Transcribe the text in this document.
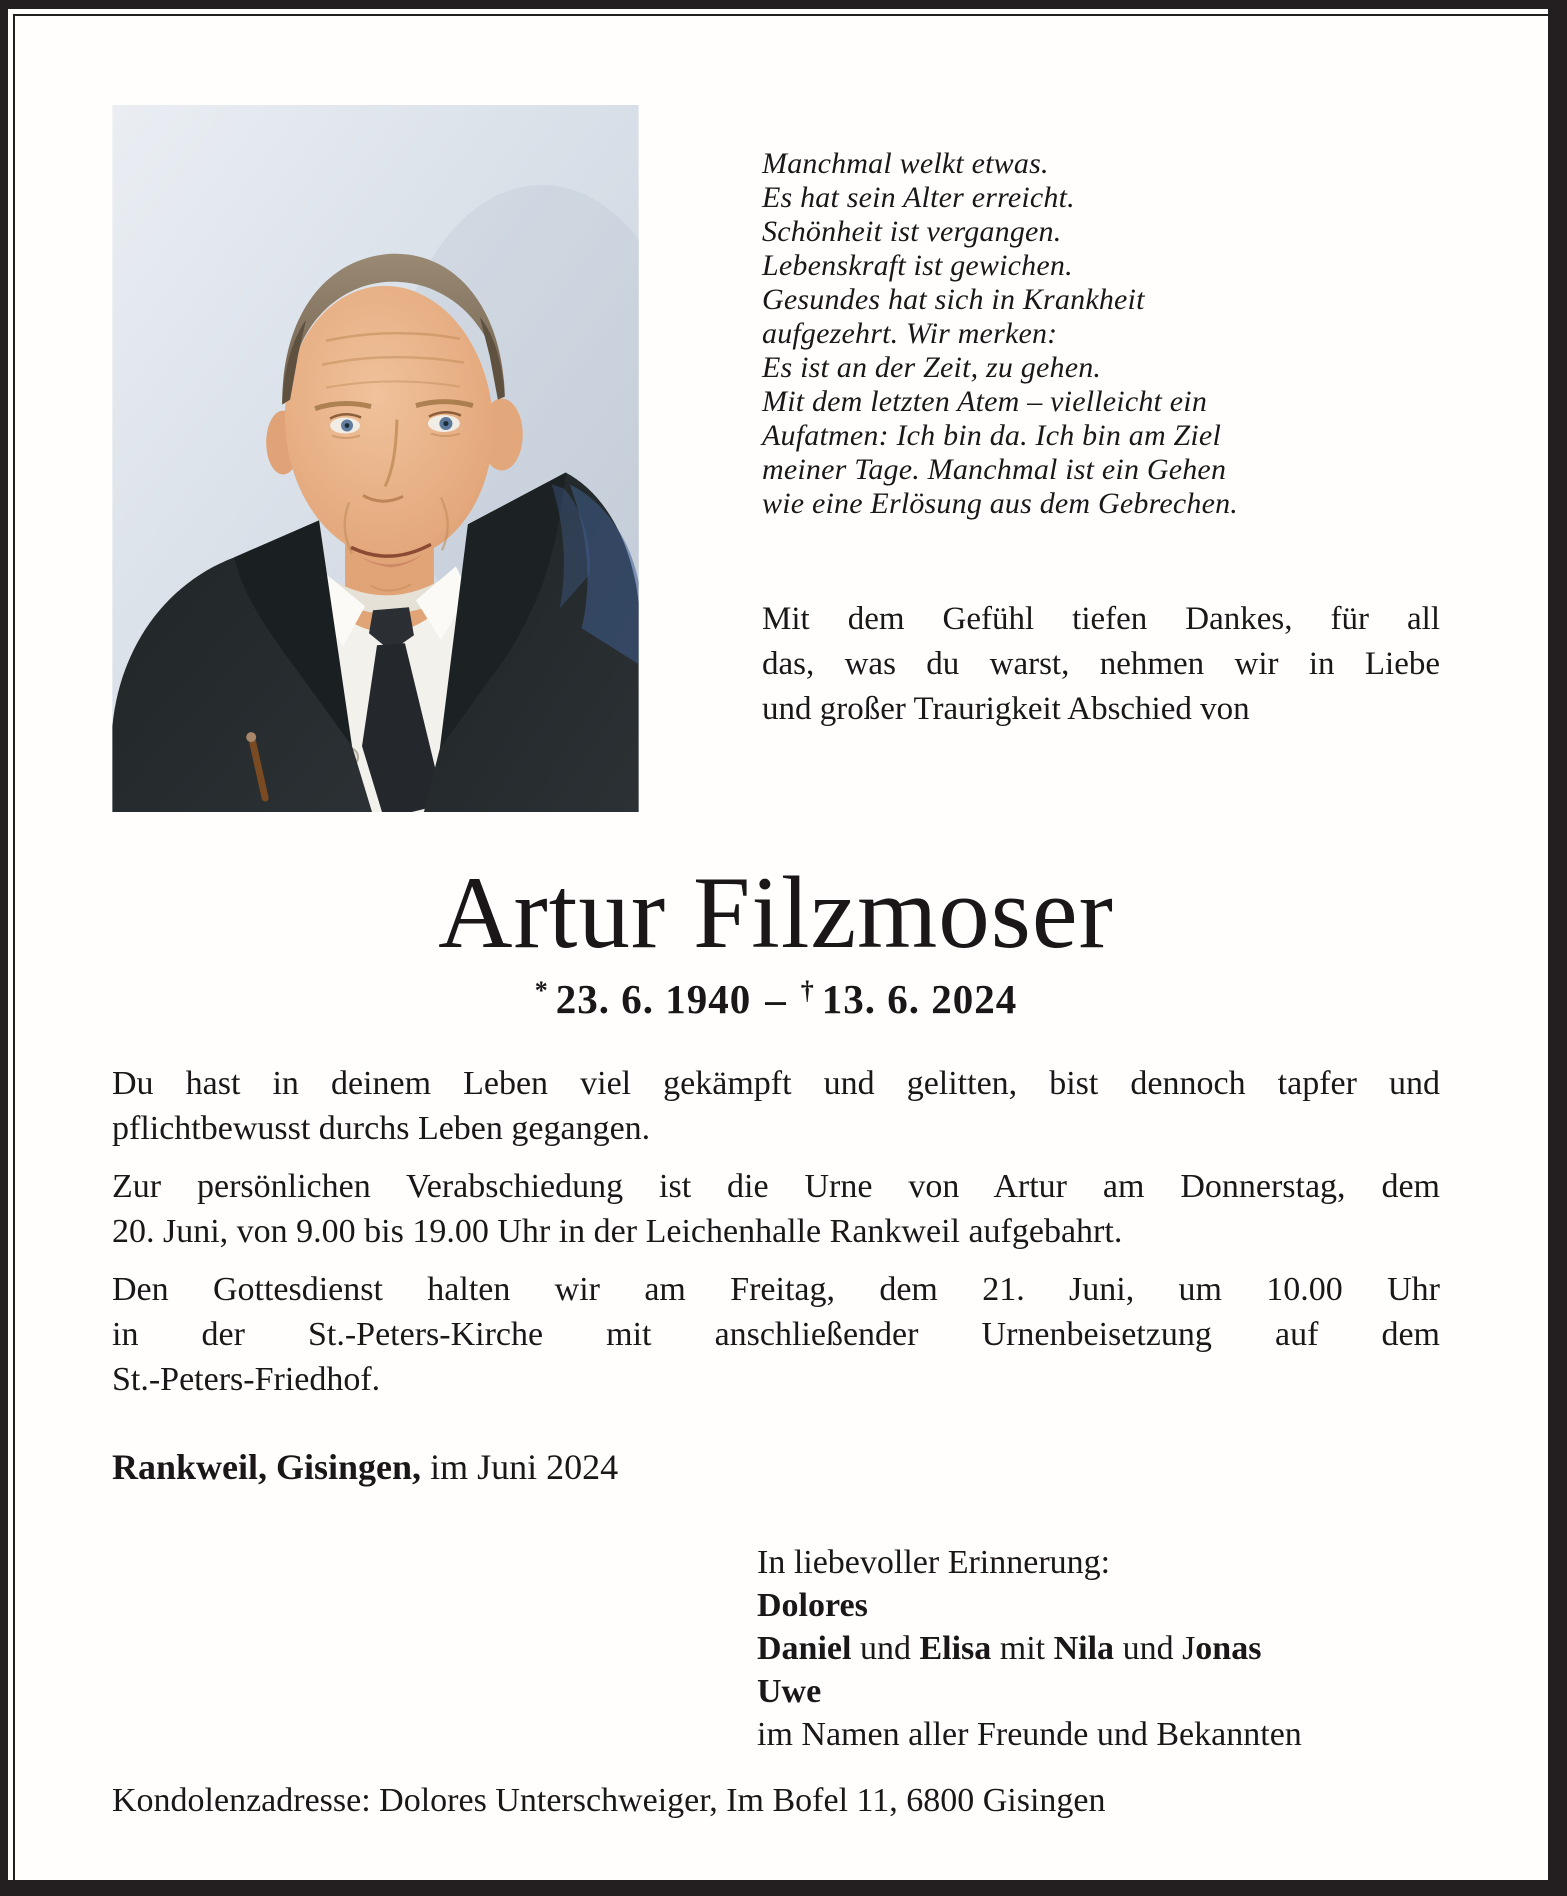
Manchmal welkt etwas.
Es hat sein Alter erreicht.
Schönheit ist vergangen.
Lebenskraft ist gewichen.
Gesundes hat sich in Krankheit
aufgezehrt. Wir merken:
Es ist an der Zeit, zu gehen.
Mit dem letzten Atem – vielleicht ein
Aufatmen: Ich bin da. Ich bin am Ziel
meiner Tage. Manchmal ist ein Gehen
wie eine Erlösung aus dem Gebrechen.
Mit dem Gefühl tiefen Dankes, für all
das, was du warst, nehmen wir in Liebe
und großer Traurigkeit Abschied von
Artur Filzmoser
* 23. 6. 1940 – † 13. 6. 2024
Du hast in deinem Leben viel gekämpft und gelitten, bist dennoch tapfer und
pflichtbewusst durchs Leben gegangen.
Zur persönlichen Verabschiedung ist die Urne von Artur am Donnerstag, dem
20. Juni, von 9.00 bis 19.00 Uhr in der Leichenhalle Rankweil aufgebahrt.
Den Gottesdienst halten wir am Freitag, dem 21. Juni, um 10.00 Uhr
in der St.-Peters-Kirche mit anschließender Urnenbeisetzung auf dem
St.-Peters-Friedhof.
Rankweil, Gisingen, im Juni 2024
In liebevoller Erinnerung:
Dolores
Daniel und Elisa mit Nila und Jonas
Uwe
im Namen aller Freunde und Bekannten
Kondolenzadresse: Dolores Unterschweiger, Im Bofel 11, 6800 Gisingen
